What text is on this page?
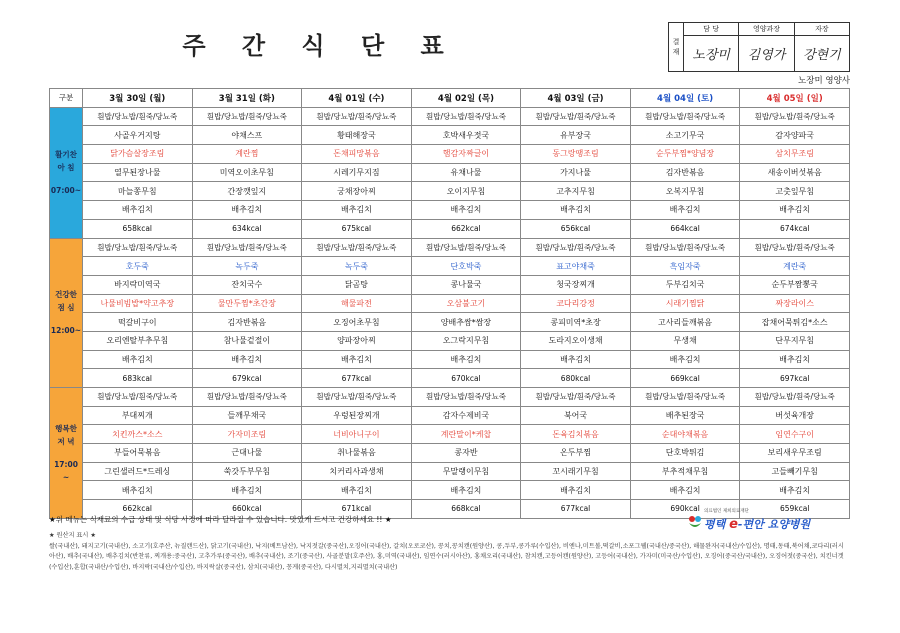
주 간 식 단 표	결 재	담 당	영양과장	자장
	노장미	김영가	강현기
노장미 영양사
구분	3월 30일 (월)	3월 31일 (화)	4월 01일 (수)	4월 02일 (목)	4월 03일 (금)	4월 04일 (토)	4월 05일 (일)

활기찬
아 침
07:00~	흰밥/당뇨밥/흰죽/당뇨죽	흰밥/당뇨밥/흰죽/당뇨죽	흰밥/당뇨밥/흰죽/당뇨죽	흰밥/당뇨밥/흰죽/당뇨죽	흰밥/당뇨밥/흰죽/당뇨죽	흰밥/당뇨밥/흰죽/당뇨죽	흰밥/당뇨밥/흰죽/당뇨죽
	사골우거지탕	야채스프	황태해장국	호박새우젓국	유부장국	소고기무국	감자양파국
	닭가슴살장조림	계란찜	돈채피망볶음	햄감자짜글이	동그랑땡조림	순두부찜*양념장	삼치무조림
	열무된장나물	미역오이초무침	시레기무지짐	유채나물	가지나물	김자반볶음	새송이버섯볶음
	마늘쫑무침	간장깻잎지	궁채장아찌	오이지무침	고추지무침	오복지무침	고춧잎무침
	배추김치	배추김치	배추김치	배추김치	배추김치	배추김치	배추김치
	658kcal	634kcal	675kcal	662kcal	656kcal	664kcal	674kcal

건강한
점 심
12:00~	흰밥/당뇨밥/흰죽/당뇨죽	흰밥/당뇨밥/흰죽/당뇨죽	흰밥/당뇨밥/흰죽/당뇨죽	흰밥/당뇨밥/흰죽/당뇨죽	흰밥/당뇨밥/흰죽/당뇨죽	흰밥/당뇨밥/흰죽/당뇨죽	흰밥/당뇨밥/흰죽/당뇨죽
	호두죽	녹두죽	녹두죽	단호박죽	표고야채죽	흑임자죽	계란죽
	바지락미역국	잔치국수	닭곰탕	콩나물국	청국장찌개	두부김치국	순두부짬뽕국
	나물비빔밥*약고추장	물만두찜*초간장	해물파전	오삼불고기	코다리강정	시래기찜닭	짜장라이스
	떡갈비구이	김자반볶음	오징어초무침	양배추쌈*쌈장	콩피미역*초장	고사리들깨볶음	잡채어묵튀김*소스
	오리엔탈부추무침	참나물겉절이	양파장아찌	오그락지무침	도라지오이생채	무생채	단무지무침
	배추김치	배추김치	배추김치	배추김치	배추김치	배추김치	배추김치
	683kcal	679kcal	677kcal	670kcal	680kcal	669kcal	697kcal

행복한
저 녁
17:00
~	흰밥/당뇨밥/흰죽/당뇨죽	흰밥/당뇨밥/흰죽/당뇨죽	흰밥/당뇨밥/흰죽/당뇨죽	흰밥/당뇨밥/흰죽/당뇨죽	흰밥/당뇨밥/흰죽/당뇨죽	흰밥/당뇨밥/흰죽/당뇨죽	흰밥/당뇨밥/흰죽/당뇨죽
	부대찌개	들깨무채국	우렁된장찌개	감자수제비국	북어국	배추된장국	버섯육개장
	치킨까스*소스	가자미조림	너비아니구이	계란말이*케찹	돈육김치볶음	순대야채볶음	임연수구이
	부들어묵볶음	근대나물	취나물볶음	콩자반	온두부찜	단호박튀김	보리새우무조림
	그린샐러드*드레싱	쑥갓두부무침	치커리사과생채	무말랭이무침	꼬시래기무침	부추적채무침	고들빼기무침
	배추김치	배추김치	배추김치	배추김치	배추김치	배추김치	배추김치
	662kcal	660kcal	671kcal	668kcal	677kcal	690kcal	659kcal
★위 메뉴는 식재료의 수급 상태 및 식당 사정에 따라 달라질 수 있습니다. 맛있게 드시고 건강하세요 !! ★
의료법인 제희의료재단
평택 e-편안 요양병원
★ 원산지 표시 ★
쌀(국내산), 돼지고기(국내산), 소고기(호주산, 뉴질랜드산), 닭고기(국내산), 낙지(베트남산), 낙지젓갈(중국산),오징어(국내산), 갈치(오로코산), 꽁치,꽁치캔(원양산), 콩,두부,콩가루(수입산), 비엔나,미트볼,떡갈비,소포그웰(국내산/중국산), 해물완자(국내산/수입산), 명태,동태,북어채,코다리(러시아산), 배추(국내산), 배추김치(반찬류, 찌개용:중국산), 고추가루(중국산), 배추(국내산), 조기(중국산), 사골분말(호주산), 홍,미역(국내산), 임연수(러시아산), 홍채오리(국내산), 참치캔,고등어캔(원양산), 고등어(국내산), 가자미(미국산/수입산), 오징어(중국산/국내산), 오징어젓(중국산), 치킨너겟(수입산),훈합(국내산/수입산), 바지락(국내산/수입산), 바지락살(중국산), 삼치(국내산), 꽁게(중국산), 다시멸치,지리멸치(국내산)
